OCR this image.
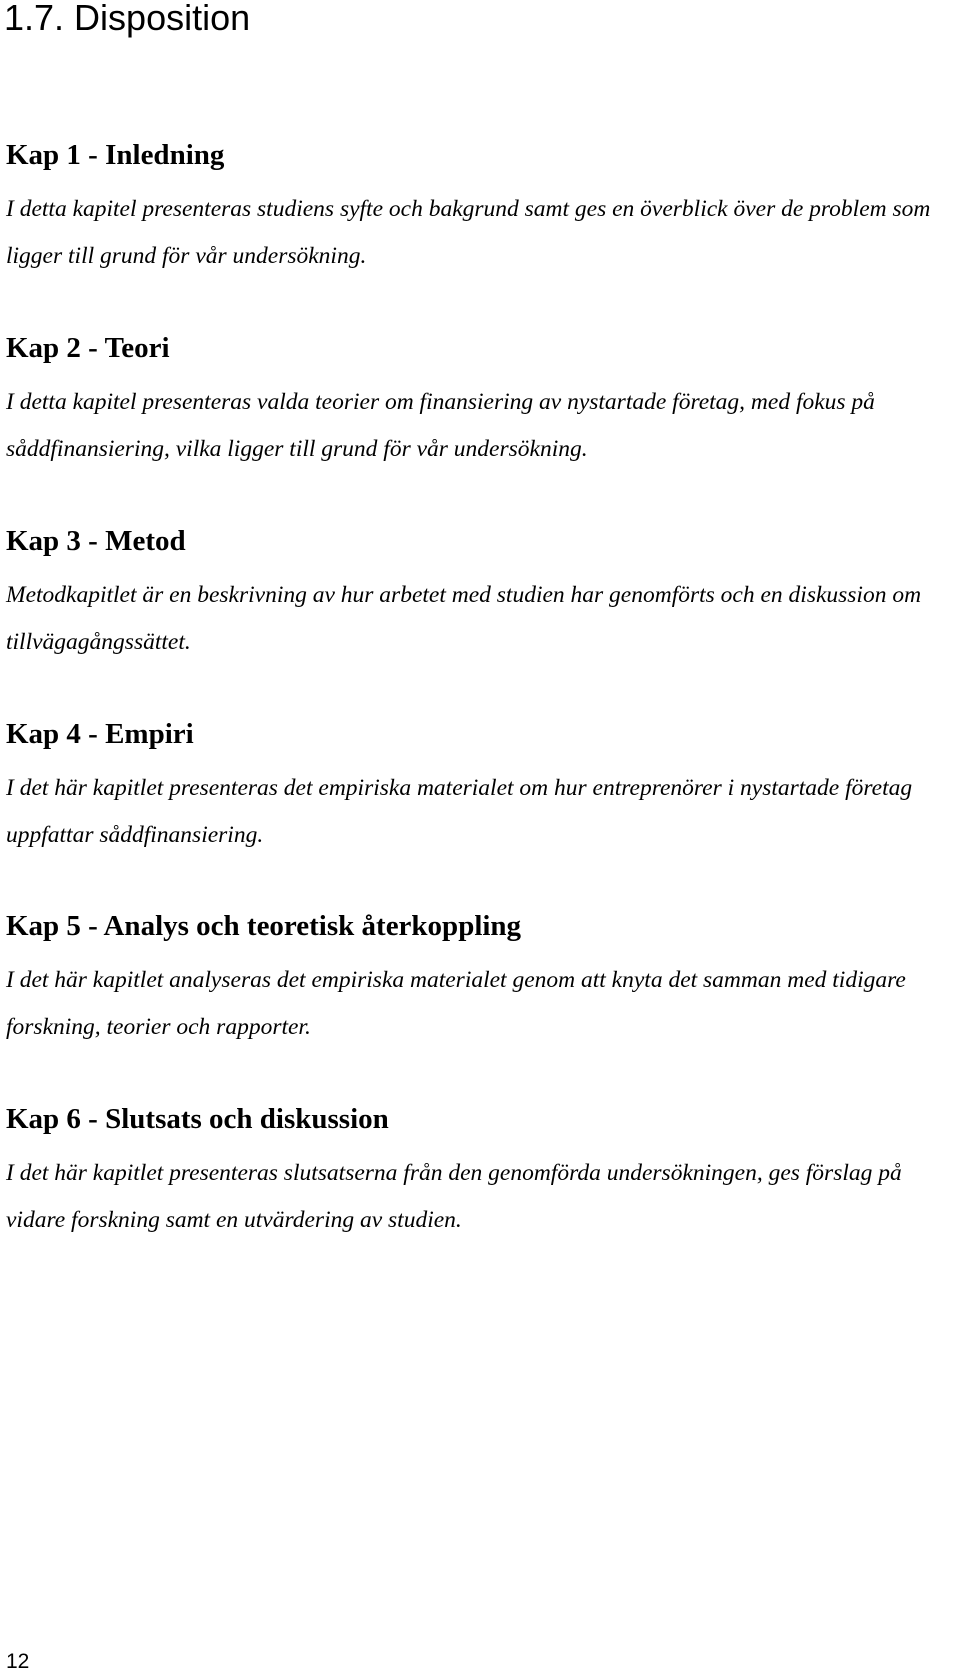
1.7. Disposition
Kap 1 - Inledning

I detta kapitel presenteras studiens syfte och bakgrund samt ges en överblick över de problem som ligger till grund för vår undersökning.

Kap 2 - Teori

I detta kapitel presenteras valda teorier om finansiering av nystartade företag, med fokus på såddfinansiering, vilka ligger till grund för vår undersökning.

Kap 3 - Metod

Metodkapitlet är en beskrivning av hur arbetet med studien har genomförts och en diskussion om tillvägagångssättet.

Kap 4 - Empiri

I det här kapitlet presenteras det empiriska materialet om hur entreprenörer i nystartade företag uppfattar såddfinansiering.

Kap 5 - Analys och teoretisk återkoppling

I det här kapitlet analyseras det empiriska materialet genom att knyta det samman med tidigare forskning, teorier och rapporter.

Kap 6 - Slutsats och diskussion

I det här kapitlet presenteras slutsatserna från den genomförda undersökningen, ges förslag på vidare forskning samt en utvärdering av studien.

12
